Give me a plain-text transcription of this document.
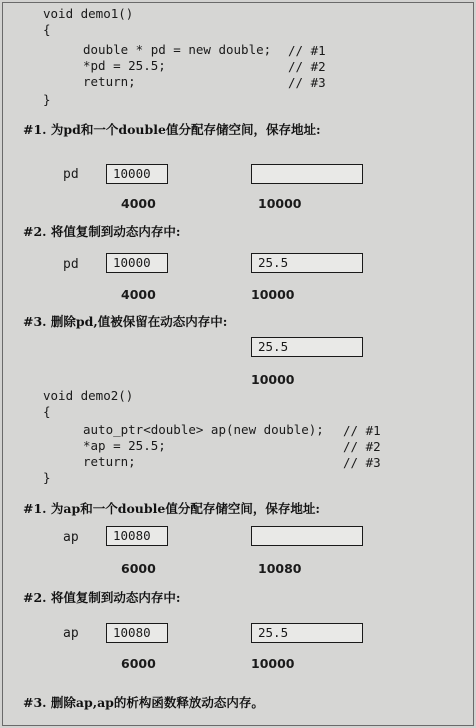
void demo1()
{
double * pd = new double;
*pd = 25.5;
return;
}
// #1
// #2
// #3
#1. 为pd和一个double值分配存储空间，保存地址:
pd	10000
4000	10000
#2. 将值复制到动态内存中:
pd	10000	25.5
4000	10000
#3. 删除pd,值被保留在动态内存中:
25.5
10000
void demo2()
{
auto_ptr<double> ap(new double);
*ap = 25.5;
return;
}
// #1
// #2
// #3
#1. 为ap和一个double值分配存储空间，保存地址:
ap	10080
6000	10080
#2. 将值复制到动态内存中:
ap	10080	25.5
6000	10000
#3. 删除ap,ap的析构函数释放动态内存。
